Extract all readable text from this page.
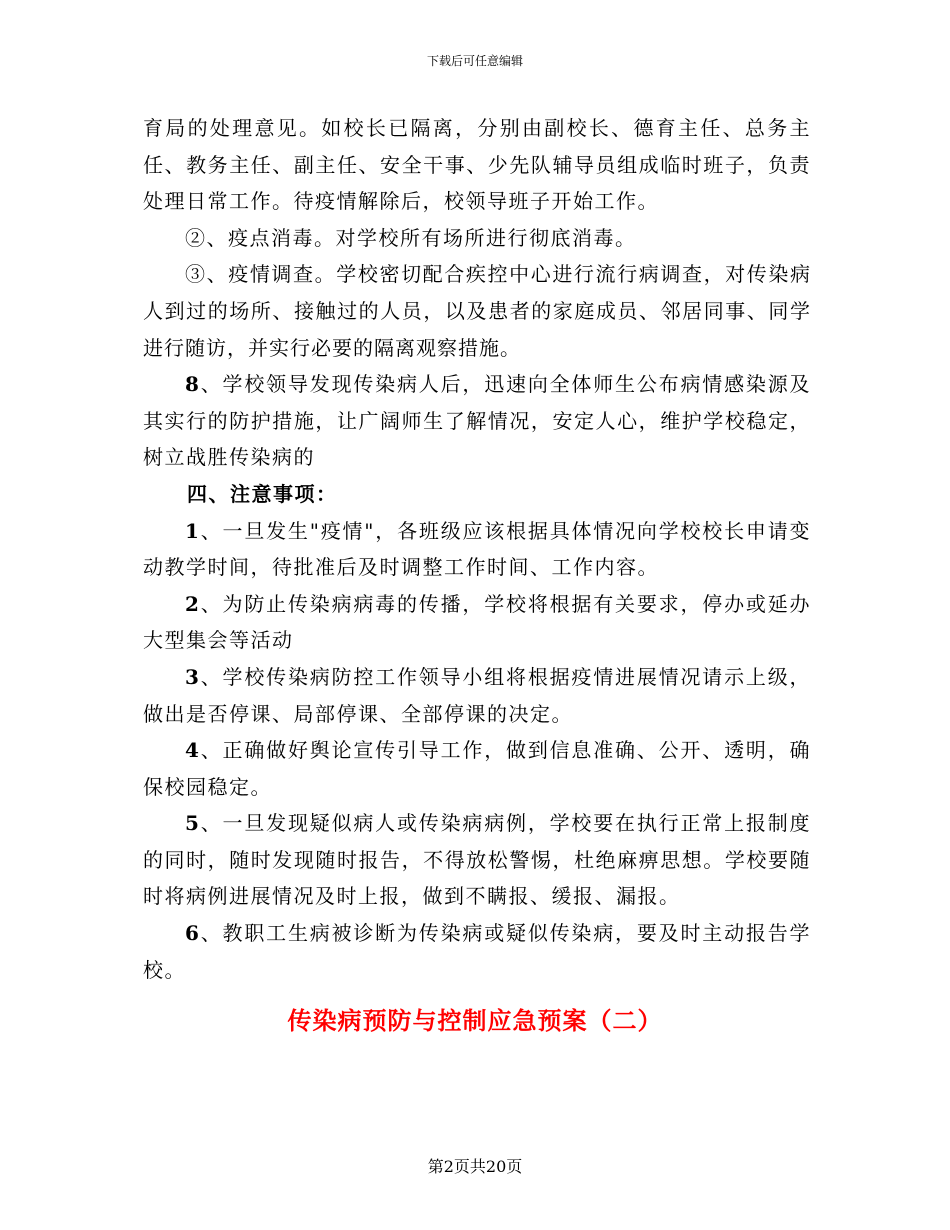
下载后可任意编辑

育局的处理意见。如校长已隔离，分别由副校长、德育主任、总务主任、教务主任、副主任、安全干事、少先队辅导员组成临时班子，负责处理日常工作。待疫情解除后，校领导班子开始工作。

②、疫点消毒。对学校所有场所进行彻底消毒。

③、疫情调查。学校密切配合疾控中心进行流行病调查，对传染病人到过的场所、接触过的人员，以及患者的家庭成员、邻居同事、同学进行随访，并实行必要的隔离观察措施。

8、学校领导发现传染病人后，迅速向全体师生公布病情感染源及其实行的防护措施，让广阔师生了解情况，安定人心，维护学校稳定，树立战胜传染病的

四、注意事项：

1、一旦发生"疫情"，各班级应该根据具体情况向学校校长申请变动教学时间，待批准后及时调整工作时间、工作内容。

2、为防止传染病病毒的传播，学校将根据有关要求，停办或延办大型集会等活动

3、学校传染病防控工作领导小组将根据疫情进展情况请示上级，做出是否停课、局部停课、全部停课的决定。

4、正确做好舆论宣传引导工作，做到信息准确、公开、透明，确保校园稳定。

5、一旦发现疑似病人或传染病病例，学校要在执行正常上报制度的同时，随时发现随时报告，不得放松警惕，杜绝麻痹思想。学校要随时将病例进展情况及时上报，做到不瞒报、缓报、漏报。

6、教职工生病被诊断为传染病或疑似传染病，要及时主动报告学校。

传染病预防与控制应急预案（二）
第2页共20页
